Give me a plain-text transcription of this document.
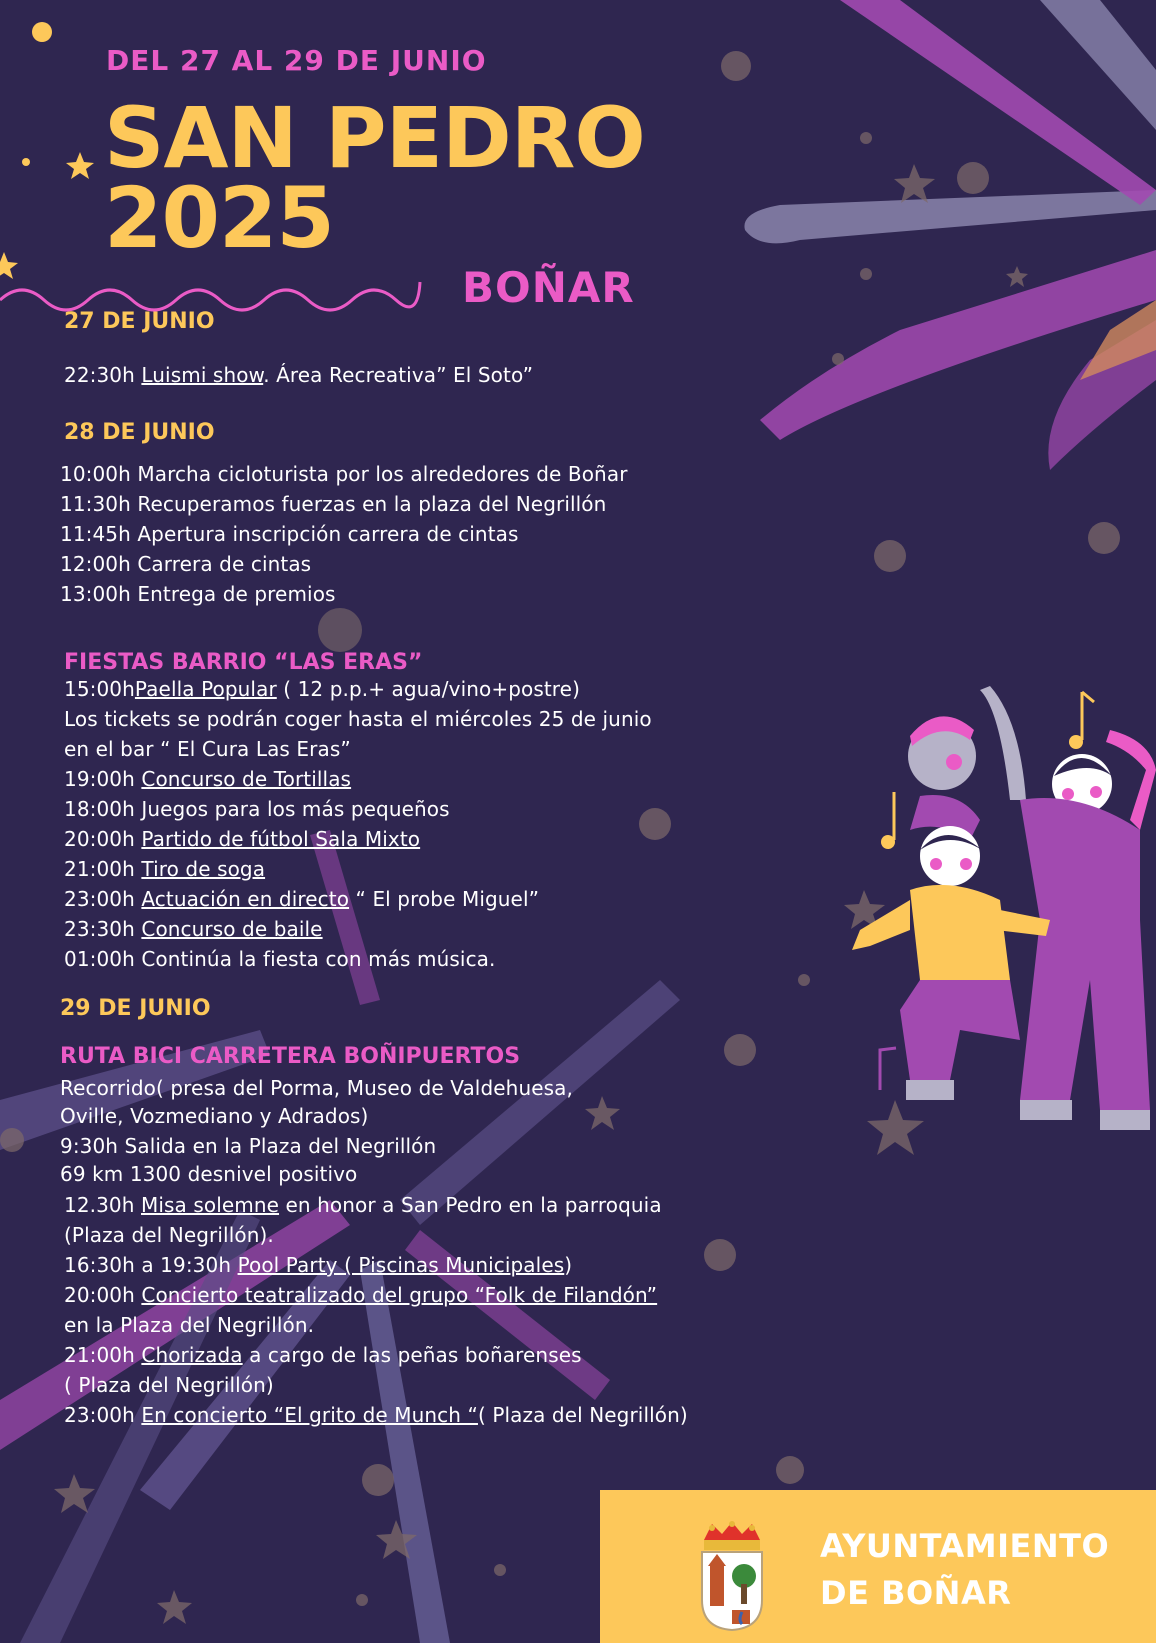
DEL 27 AL 29 DE JUNIO
SAN PEDRO
2025
BOÑAR
27 DE JUNIO
22:30h Luismi show. Área Recreativa” El Soto”
28 DE JUNIO
10:00h Marcha cicloturista por los alrededores de Boñar
11:30h Recuperamos fuerzas en la plaza del Negrillón
11:45h Apertura inscripción carrera de cintas
12:00h Carrera de cintas
13:00h Entrega de premios
FIESTAS BARRIO “LAS ERAS”
15:00hPaella Popular ( 12 p.p.+ agua/vino+postre)
Los tickets se podrán coger hasta el miércoles 25 de junio
en el bar “ El Cura Las Eras”
19:00h Concurso de Tortillas
18:00h Juegos para los más pequeños
20:00h Partido de fútbol Sala Mixto
21:00h Tiro de soga
23:00h Actuación en directo “ El probe Miguel”
23:30h Concurso de baile
01:00h Continúa la fiesta con más música.
29 DE JUNIO
RUTA BICI CARRETERA BOÑIPUERTOS
Recorrido( presa del Porma, Museo de Valdehuesa,
Oville, Vozmediano y Adrados)
9:30h Salida en la Plaza del Negrillón
69 km 1300 desnivel positivo
12.30h Misa solemne en honor a San Pedro en la parroquia
(Plaza del Negrillón).
16:30h a 19:30h Pool Party ( Piscinas Municipales)
20:00h Concierto teatralizado del grupo “Folk de Filandón”
en la Plaza del Negrillón.
21:00h Chorizada a cargo de las peñas boñarenses
( Plaza del Negrillón)
23:00h En concierto “El grito de Munch “( Plaza del Negrillón)
AYUNTAMIENTO
DE BOÑAR
